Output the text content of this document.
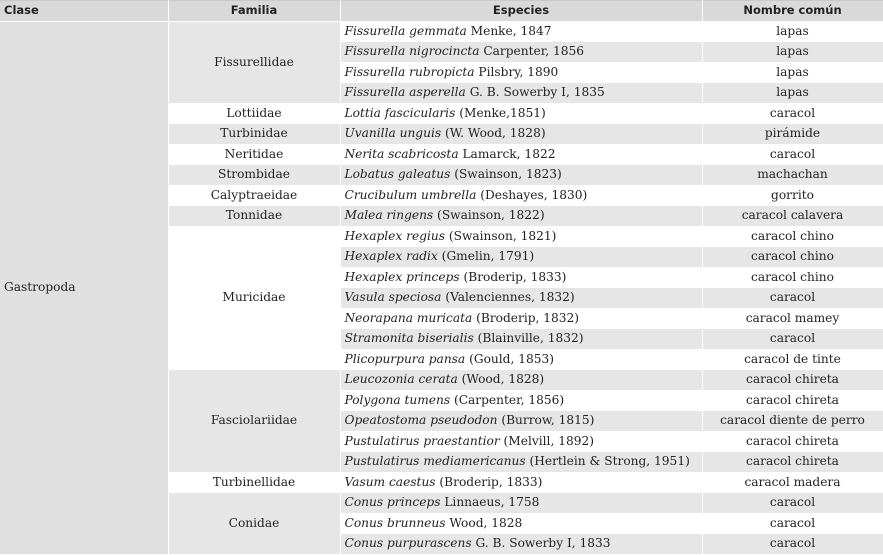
Clase	Familia	Especies	Nombre común
Gastropoda	Fissurellidae	Fissurella gemmata Menke, 1847	lapas
		Fissurella nigrocincta Carpenter, 1856	lapas
		Fissurella rubropicta Pilsbry, 1890	lapas
		Fissurella asperella G. B. Sowerby I, 1835	lapas
	Lottiidae	Lottia fascicularis (Menke,1851)	caracol
	Turbinidae	Uvanilla unguis (W. Wood, 1828)	pirámide
	Neritidae	Nerita scabricosta Lamarck, 1822	caracol
	Strombidae	Lobatus galeatus (Swainson, 1823)	machachan
	Calyptraeidae	Crucibulum umbrella (Deshayes, 1830)	gorrito
	Tonnidae	Malea ringens (Swainson, 1822)	caracol calavera
	Muricidae	Hexaplex regius (Swainson, 1821)	caracol chino
		Hexaplex radix (Gmelin, 1791)	caracol chino
		Hexaplex princeps (Broderip, 1833)	caracol chino
		Vasula speciosa (Valenciennes, 1832)	caracol
		Neorapana muricata (Broderip, 1832)	caracol mamey
		Stramonita biserialis (Blainville, 1832)	caracol
		Plicopurpura pansa (Gould, 1853)	caracol de tinte
	Fasciolariidae	Leucozonia cerata (Wood, 1828)	caracol chireta
		Polygona tumens (Carpenter, 1856)	caracol chireta
		Opeatostoma pseudodon (Burrow, 1815)	caracol diente de perro
		Pustulatirus praestantior (Melvill, 1892)	caracol chireta
		Pustulatirus mediamericanus (Hertlein & Strong, 1951)	caracol chireta
	Turbinellidae	Vasum caestus (Broderip, 1833)	caracol madera
	Conidae	Conus princeps Linnaeus, 1758	caracol
		Conus brunneus Wood, 1828	caracol
		Conus purpurascens G. B. Sowerby I, 1833	caracol
